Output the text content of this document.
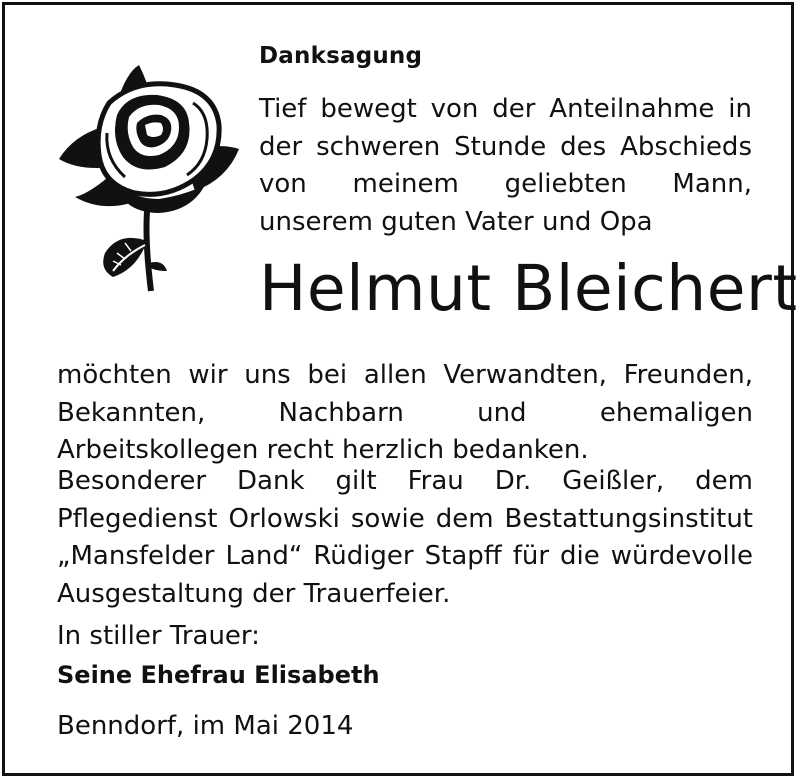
Danksagung
Tief bewegt von der Anteilnahme in der schweren Stunde des Abschieds von meinem geliebten Mann, unserem guten Vater und Opa
Helmut Bleichert

möchten wir uns bei allen Verwandten, Freunden, Bekannten, Nachbarn und ehemaligen Arbeitskollegen recht herzlich bedanken.

Besonderer Dank gilt Frau Dr. Geißler, dem Pflegedienst Orlowski sowie dem Bestattungsinstitut „Mansfelder Land“ Rüdiger Stapff für die würdevolle Ausgestaltung der Trauerfeier.

In stiller Trauer:
Seine Ehefrau Elisabeth
Benndorf, im Mai 2014
